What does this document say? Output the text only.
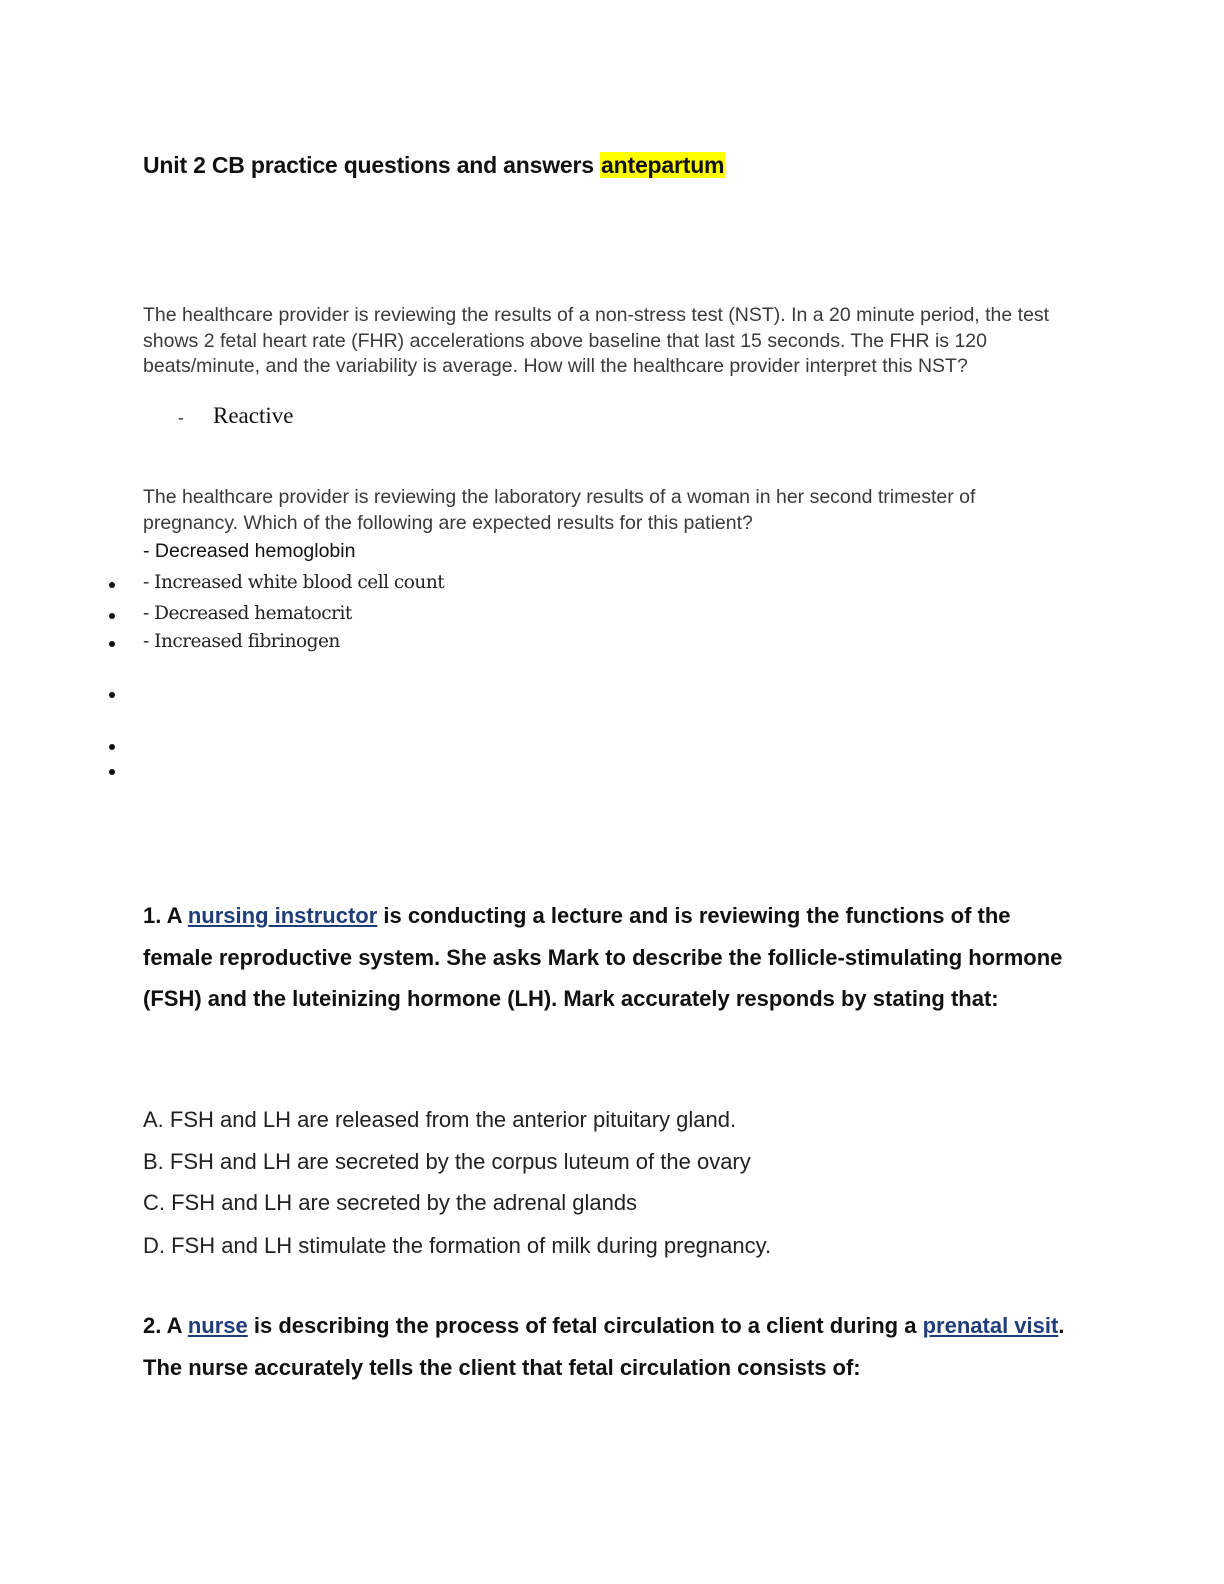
Unit 2 CB practice questions and answers antepartum
The healthcare provider is reviewing the results of a non-stress test (NST). In a 20 minute period, the test shows 2 fetal heart rate (FHR) accelerations above baseline that last 15 seconds. The FHR is 120 beats/minute, and the variability is average. How will the healthcare provider interpret this NST?
- Reactive
The healthcare provider is reviewing the laboratory results of a woman in her second trimester of pregnancy. Which of the following are expected results for this patient?
- Decreased hemoglobin
- Increased white blood cell count
- Decreased hematocrit
- Increased fibrinogen
1. A nursing instructor is conducting a lecture and is reviewing the functions of the female reproductive system. She asks Mark to describe the follicle-stimulating hormone (FSH) and the luteinizing hormone (LH). Mark accurately responds by stating that:
A. FSH and LH are released from the anterior pituitary gland.
B. FSH and LH are secreted by the corpus luteum of the ovary
C. FSH and LH are secreted by the adrenal glands
D. FSH and LH stimulate the formation of milk during pregnancy.
2. A nurse is describing the process of fetal circulation to a client during a prenatal visit. The nurse accurately tells the client that fetal circulation consists of:
